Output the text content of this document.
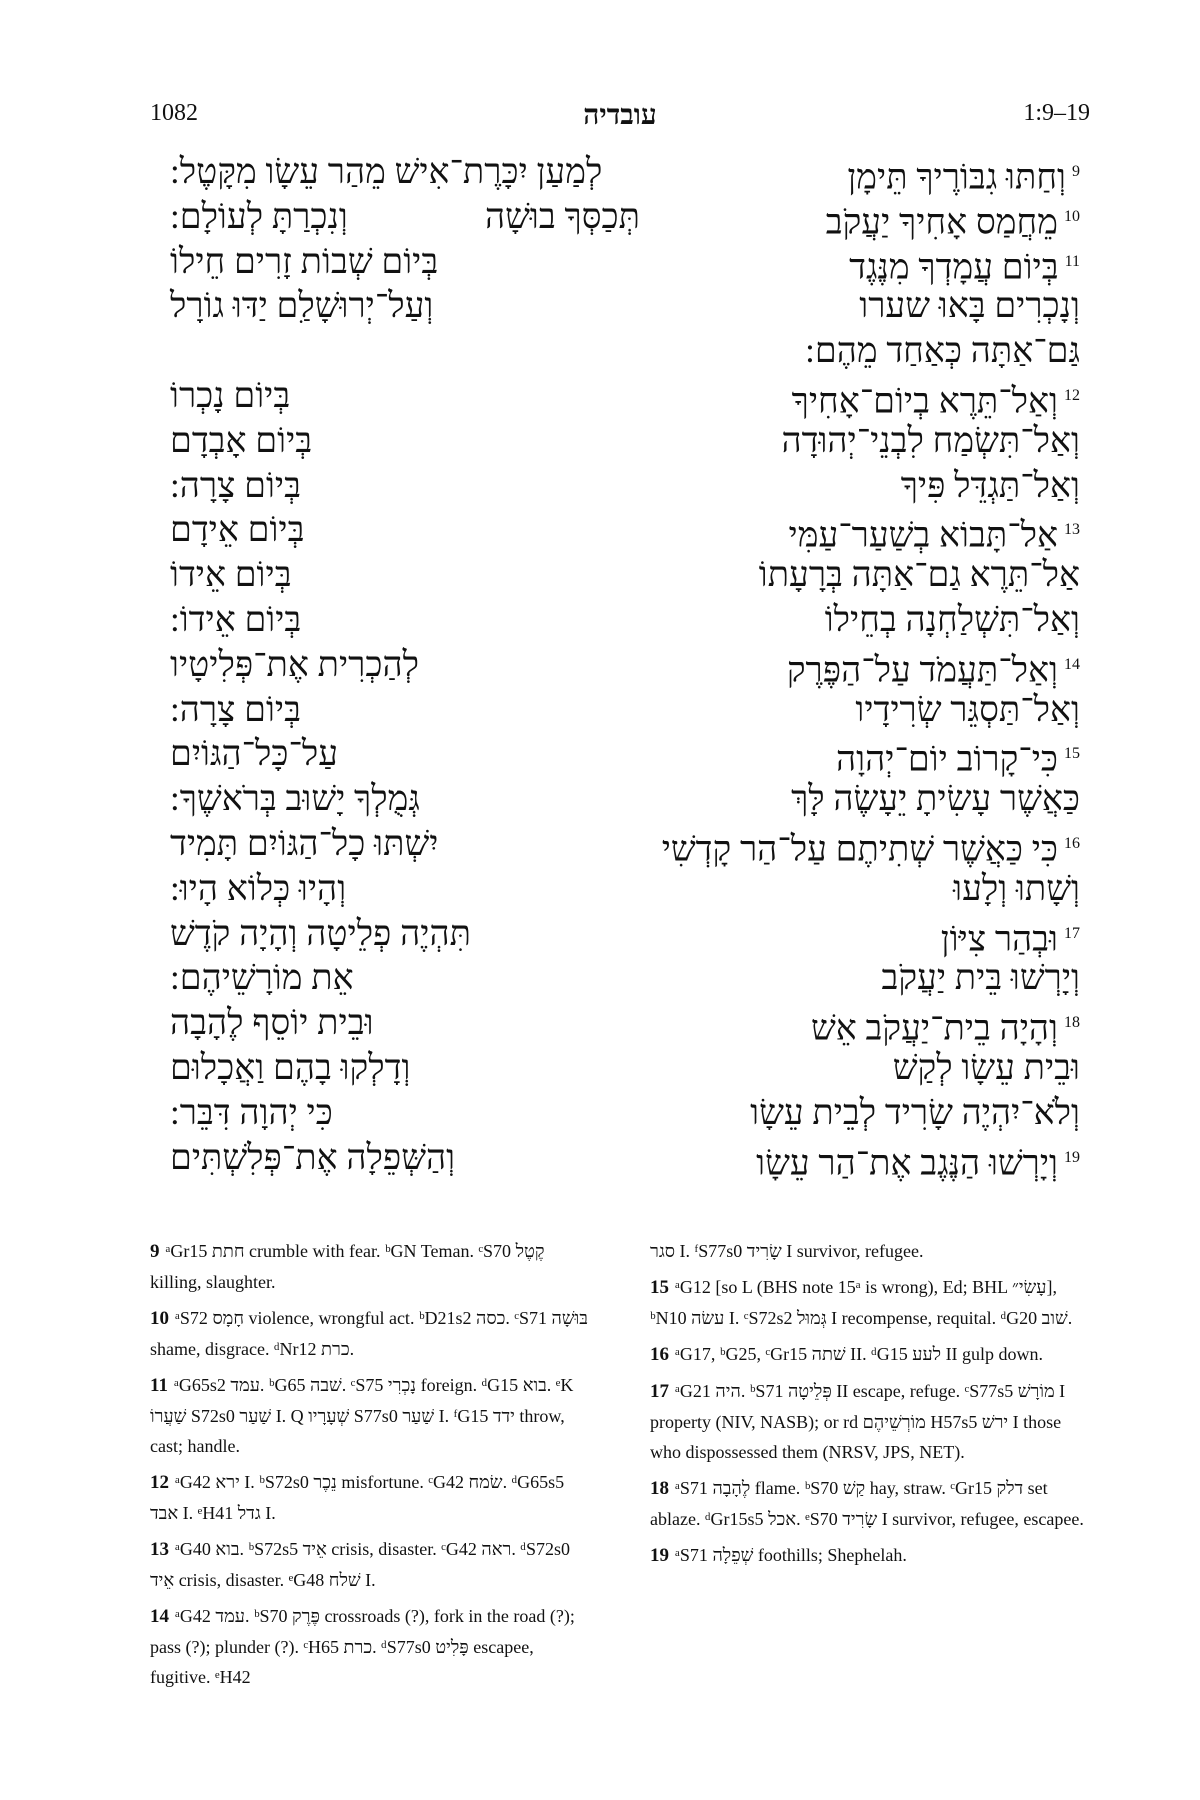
1082	עובדיה	1:9–19
$^9$וְחַתּוּ גִבּוֹרֶיךָ תֵּימָן
לְמַעַן יִכָּרֶת־אִישׁ מֵהַר עֵשָׂו מִקָּטֶל:
$^{10}$מֵחֲמַס אָחִיךָ יַעֲקֹב
תְּכַסְּךָ בוּשָׁה
וְנִכְרַתָּ לְעוֹלָם:
$^{11}$בְּיוֹם עֲמָדְךָ מִנֶּגֶד
בְּיוֹם שְׁבוֹת זָרִים חֵילוֹ
וְנָכְרִים בָּאוּ שערו
וְעַל־יְרוּשָׁלַ͏ִם יַדּוּ גוֹרָל
גַּם־אַתָּה כְּאַחַד מֵהֶם:
$^{12}$וְאַל־תֵּרֶא בְיוֹם־אָחִיךָ
בְּיוֹם נָכְרוֹ
וְאַל־תִּשְׂמַח לִבְנֵי־יְהוּדָה
בְּיוֹם אָבְדָם
וְאַל־תַּגְדֵּל פִּיךָ
בְּיוֹם צָרָה:
$^{13}$אַל־תָּבוֹא בְשַׁעַר־עַמִּי
בְּיוֹם אֵידָם
אַל־תֵּרֶא גַם־אַתָּה בְּרָעָתוֹ
בְּיוֹם אֵידוֹ
וְאַל־תִּשְׁלַחְנָה בְחֵילוֹ
בְּיוֹם אֵידוֹ:
$^{14}$וְאַל־תַּעֲמֹד עַל־הַפֶּרֶק
לְהַכְרִית אֶת־פְּלִיטָיו
וְאַל־תַּסְגֵּר שְׂרִידָיו
בְּיוֹם צָרָה:
$^{15}$כִּי־קָרוֹב יוֹם־יְהוָה
עַל־כָּל־הַגּוֹיִם
כַּאֲשֶׁר עָשִׂיתָ יֵעָשֶׂה לָּךְ
גְּמֻלְךָ יָשׁוּב בְּרֹאשֶׁךָ:
$^{16}$כִּי כַּאֲשֶׁר שְׁתִיתֶם עַל־הַר קָדְשִׁי
יִשְׁתּוּ כָל־הַגּוֹיִם תָּמִיד
וְשָׁתוּ וְלָעוּ
וְהָיוּ כְּלוֹא הָיוּ:
$^{17}$וּבְהַר צִיּוֹן
תִּהְיֶה פְלֵיטָה וְהָיָה קֹדֶשׁ
וְיָרְשׁוּ בֵּית יַעֲקֹב
אֵת מוֹרָשֵׁיהֶם:
$^{18}$וְהָיָה בֵית־יַעֲקֹב אֵשׁ
וּבֵית יוֹסֵף לֶהָבָה
וּבֵית עֵשָׂו לְקַשׁ
וְדָלְקוּ בָהֶם וַאֲכָלוּם
וְלֹא־יִהְיֶה שָׂרִיד לְבֵית עֵשָׂו
כִּי יְהוָה דִּבֵּר:
$^{19}$וְיָרְשׁוּ הַנֶּגֶב אֶת־הַר עֵשָׂו
וְהַשְּׁפֵלָה אֶת־פְּלִשְׁתִּים

9 ᵃGr15 חתת crumble with fear. ᵇGN Teman. ᶜS70 קֶטֶל killing, slaughter.

10 ᵃS72 חָמָס violence, wrongful act. ᵇD21s2 כסה. ᶜS71 בּוּשָׁה shame, disgrace. ᵈNr12 כרת.

11 ᵃG65s2 עמד. ᵇG65 שׁבה. ᶜS75 נָכְרִי foreign. ᵈG15 בוא. ᵉK שַׁעֲרוֹ S72s0 שַׁעַר I. Q שְׁעָרָיו S77s0 שַׁעַר I. ᶠG15 ידד throw, cast; handle.

12 ᵃG42 ירא I. ᵇS72s0 נֵכֶר misfortune. ᶜG42 שׂמח. ᵈG65s5 אבד I. ᵉH41 גדל I.

13 ᵃG40 בוא. ᵇS72s5 אֵיד crisis, disaster. ᶜG42 ראה. ᵈS72s0 אֵיד crisis, disaster. ᵉG48 שׁלח I.

14 ᵃG42 עמד. ᵇS70 פֶּרֶק crossroads (?), fork in the road (?); pass (?); plunder (?). ᶜH65 כרת. ᵈS77s0 פָּלִיט escapee, fugitive. ᵉH42

סגר I. ᶠS77s0 שָׂרִיד I survivor, refugee.

15 ᵃG12 [so L (BHS note 15ᵃ is wrong), Ed; BHL עָשִׂי״], ᵇN10 עשׂה I. ᶜS72s2 גְּמוּל I recompense, requital. ᵈG20 שׁוב.

16 ᵃG17, ᵇG25, ᶜGr15 שׁתה II. ᵈG15 לעע II gulp down.

17 ᵃG21 היה. ᵇS71 פְּלֵיטָה II escape, refuge. ᶜS77s5 מוֹרָשׁ I property (NIV, NASB); or rd מוֹרְשֵׁיהֶם H57s5 ירשׁ I those who dispossessed them (NRSV, JPS, NET).

18 ᵃS71 לֶהָבָה flame. ᵇS70 קַשׁ hay, straw. ᶜGr15 דלק set ablaze. ᵈGr15s5 אכל. ᵉS70 שָׂרִיד I survivor, refugee, escapee.

19 ᵃS71 שְׁפֵלָה foothills; Shephelah.
